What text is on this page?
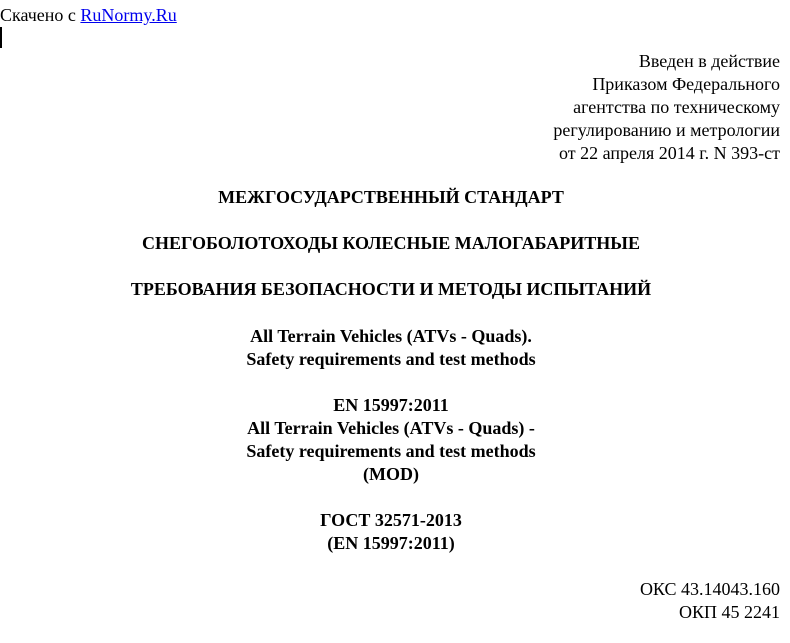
Скачено с RuNormy.Ru
Введен в действие
Приказом Федерального
агентства по техническому
регулированию и метрологии
от 22 апреля 2014 г. N 393-ст
МЕЖГОСУДАРСТВЕННЫЙ СТАНДАРТ
СНЕГОБОЛОТОХОДЫ КОЛЕСНЫЕ МАЛОГАБАРИТНЫЕ
ТРЕБОВАНИЯ БЕЗОПАСНОСТИ И МЕТОДЫ ИСПЫТАНИЙ
All Terrain Vehicles (ATVs - Quads).
Safety requirements and test methods
EN 15997:2011
All Terrain Vehicles (ATVs - Quads) -
Safety requirements and test methods
(MOD)
ГОСТ 32571-2013
(EN 15997:2011)
ОКС 43.14043.160
ОКП 45 2241
